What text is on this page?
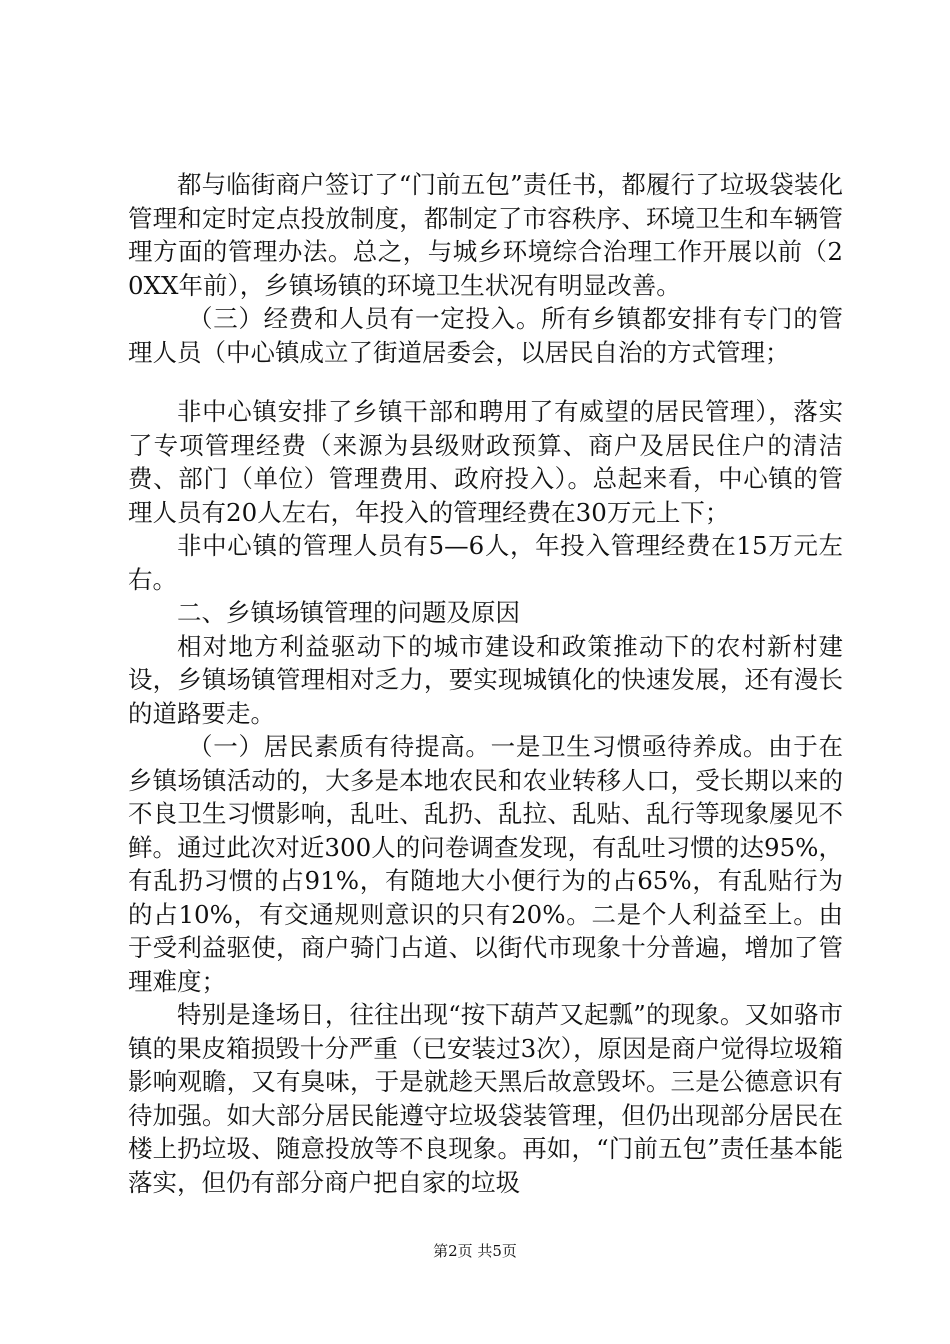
都与临街商户签订了“门前五包”责任书，都履行了垃圾袋装化管理和定时定点投放制度，都制定了市容秩序、环境卫生和车辆管理方面的管理办法。总之，与城乡环境综合治理工作开展以前（20XX年前），乡镇场镇的环境卫生状况有明显改善。

（三）经费和人员有一定投入。所有乡镇都安排有专门的管理人员（中心镇成立了街道居委会，以居民自治的方式管理；

非中心镇安排了乡镇干部和聘用了有威望的居民管理），落实了专项管理经费（来源为县级财政预算、商户及居民住户的清洁费、部门（单位）管理费用、政府投入）。总起来看，中心镇的管理人员有20人左右，年投入的管理经费在30万元上下；

非中心镇的管理人员有5—6人，年投入管理经费在15万元左右。

二、乡镇场镇管理的问题及原因

相对地方利益驱动下的城市建设和政策推动下的农村新村建设，乡镇场镇管理相对乏力，要实现城镇化的快速发展，还有漫长的道路要走。

（一）居民素质有待提高。一是卫生习惯亟待养成。由于在乡镇场镇活动的，大多是本地农民和农业转移人口，受长期以来的不良卫生习惯影响，乱吐、乱扔、乱拉、乱贴、乱行等现象屡见不鲜。通过此次对近300人的问卷调查发现，有乱吐习惯的达95%，有乱扔习惯的占91%，有随地大小便行为的占65%，有乱贴行为的占10%，有交通规则意识的只有20%。二是个人利益至上。由于受利益驱使，商户骑门占道、以街代市现象十分普遍，增加了管理难度；

特别是逢场日，往往出现“按下葫芦又起瓢”的现象。又如骆市镇的果皮箱损毁十分严重（已安装过3次），原因是商户觉得垃圾箱影响观瞻，又有臭味，于是就趁天黑后故意毁坏。三是公德意识有待加强。如大部分居民能遵守垃圾袋装管理，但仍出现部分居民在楼上扔垃圾、随意投放等不良现象。再如，“门前五包”责任基本能落实，但仍有部分商户把自家的垃圾

第2页 共5页
